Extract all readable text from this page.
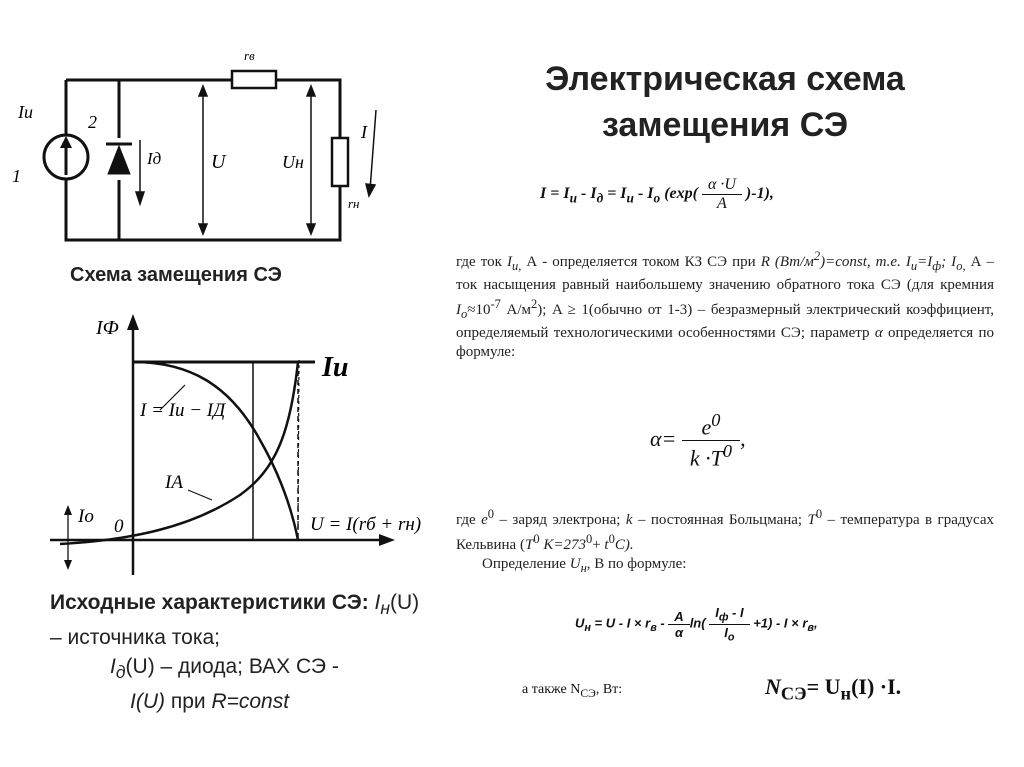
Электрическая схема замещения СЭ
$I = I_и - I_д = I_и - I_о$ $(\exp( \frac{\alpha \cdot U}{A} )-1)$,
где ток $I_{и,}$ А - определяется током КЗ СЭ при R $(Вт/м^2)=const$, т.е. $I_и=I_ф$; $I_{о,}$ А – ток насыщения равный наибольшему значению обратного тока СЭ (для кремния $I_о\approx 10^{-7}$ $А/м^2$); A ≥ 1(обычно от 1-3) – безразмерный электрический коэффициент, определяемый технологическими особенностями СЭ; параметр α определяется по формуле:
$\alpha= \frac{e^0}{k \cdot T^0}$ ,
где $e^0$ – заряд электрона; k – постоянная Больцмана; $T^0$ – температура в градусах Кельвина ($T^0$ $K=273^0+ t^0C$).
Определение $U_н$, В по формуле:
$U_н = U - I \times r_в - \frac{A}{\alpha} \ln( \frac{I_ф - I}{I_о} +1) - I \times r_в$,
а также $N_{СЭ}$, Вт:	$N_{СЭ}= U_н(I) \cdot I$.
rв
Iи	2
1
Iд U	Uн
I
rн
Схема замещения СЭ
IФ
Iи
I = Iи − IД
IА
Iо 0	U = I(rб + rн)
Исходные характеристики СЭ: $I_н(U)$ – источника тока;
$I_д(U)$ – диода; ВАХ СЭ -
I(U) при R=const
